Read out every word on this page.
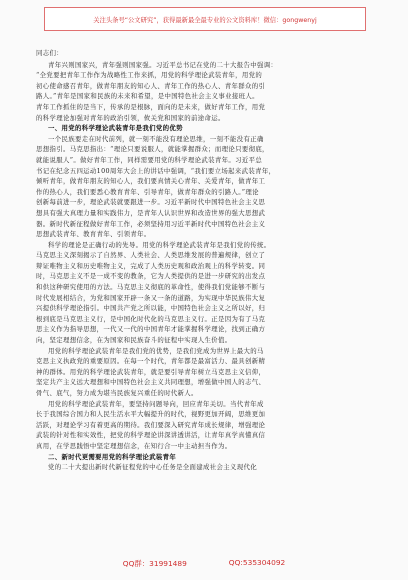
关注头条号“公文研究”，获得最新最全最专业的公文资料库！微信：gongwenyj
同志们：
青年兴则国家兴，青年强则国家强。习近平总书记在党的二十大报告中强调：
“全党要把青年工作作为战略性工作来抓，用党的科学理论武装青年，用党的
初心使命感召青年，做青年朋友的知心人、青年工作的热心人、青年群众的引
路人。”青年是国家和民族的未来和希望，是中国特色社会主义事业接班人。
青年工作抓住的是当下，传承的是根脉，面向的是未来，做好青年工作，用党
的科学理论加强对青年的政治引领，攸关党和国家的前途命运。
一、用党的科学理论武装青年是我们党的优势
一个民族要走在时代前列，就一刻不能没有理论思维，一刻不能没有正确
思想指引。马克思指出：“理论只要说服人，就能掌握群众；而理论只要彻底，
就能说服人”。做好青年工作，同样需要用党的科学理论武装青年。习近平总
书记在纪念五四运动100周年大会上的讲话中强调，“我们要立场起来武装青年，
倾听青年，做青年朋友的知心人，我们要真情关心青年、关爱青年，做青年工
作的热心人，我们要悉心教育青年、引导青年，做青年群众的引路人。”理论
创新每前进一步，理论武装就要跟进一步。习近平新时代中国特色社会主义思
想具有强大真理力量和实践伟力，是青年人认识世界和改造世界的强大思想武
器。新时代新征程做好青年工作，必须坚持用习近平新时代中国特色社会主义
思想武装青年、教育青年、引领青年。
科学的理论是正确行动的先导。用党的科学理论武装青年是我们党的传统。
马克思主义深刻揭示了自然界、人类社会、人类思维发展的普遍规律，创立了
辩证唯物主义和历史唯物主义，完成了人类历史观和政治观上的科学转变。同
时，马克思主义不是一成不变的教条，它为人类提供的是进一步研究的出发点
和供这种研究使用的方法。马克思主义彻底的革命性，使得我们党能够不断与
时代发展相结合，为党和国家开辟一条又一条的道路，为实现中华民族伟大复
兴提供科学理论指引。中国共产党之所以能，中国特色社会主义之所以好，归
根到底是马克思主义行，是中国化时代化的马克思主义行。正是因为有了马克
思主义作为指导思想，一代又一代的中国青年才能掌握科学理论，找到正确方
向，坚定理想信念，在为国家和民族奋斗的征程中实现人生价值。
用党的科学理论武装青年是我们党的优势，是我们党成为世界上最大的马
克思主义执政党的重要原因。在每一个时代，青年都是最富活力、最具创新精
神的群体。用党的科学理论武装青年，就是要引导青年树立马克思主义信仰，
坚定共产主义远大理想和中国特色社会主义共同理想，增强做中国人的志气、
骨气、底气，努力成为堪当民族复兴重任的时代新人。
用党的科学理论武装青年，要坚持问题导向，回应青年关切。当代青年成
长于我国综合国力和人民生活水平大幅提升的时代，视野更加开阔，思维更加
活跃，对理论学习有着更高的期待。我们要深入研究青年成长规律，增强理论
武装的针对性和实效性，把党的科学理论讲深讲透讲活，让青年真学真懂真信
真用，在学思践悟中坚定理想信念，在知行合一中主动担当作为。
二、新时代更需要用党的科学理论武装青年
党的二十大提出新时代新征程党的中心任务是全面建成社会主义现代化
QQ群：31991489	QQ:535304092
